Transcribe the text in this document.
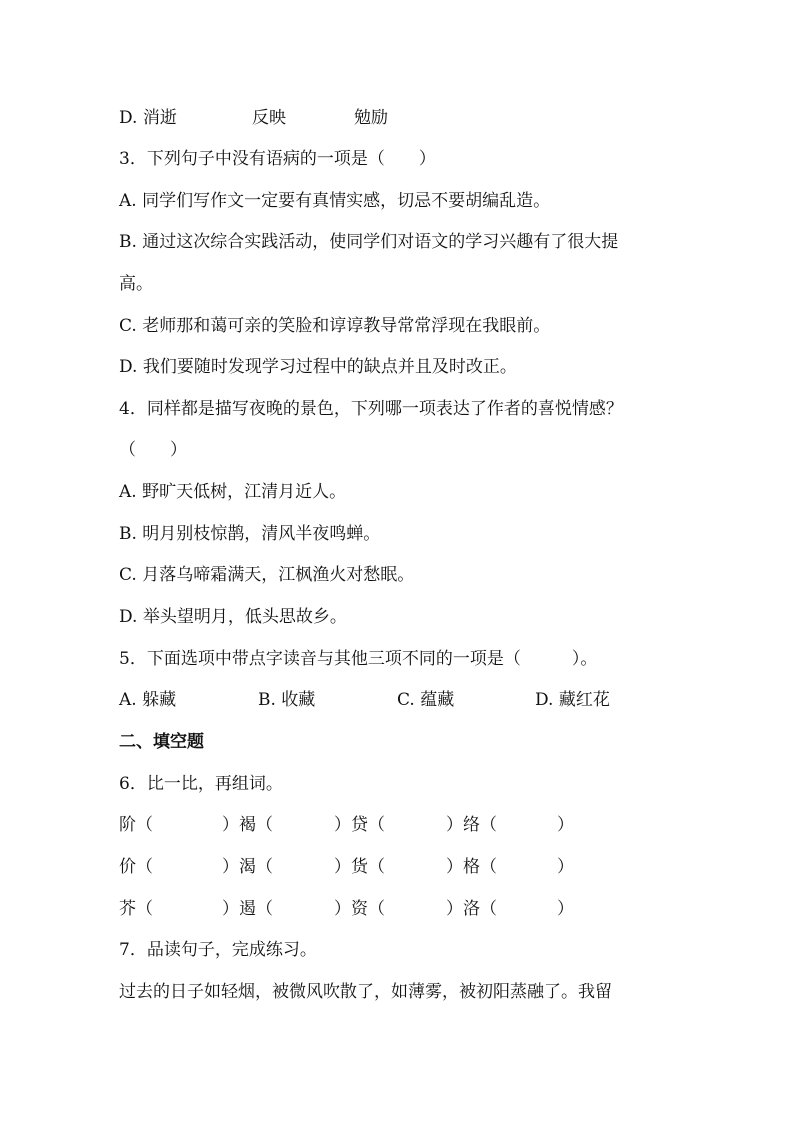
D. 消逝	反映	勉励
3．下列句子中没有语病的一项是（　　）
A. 同学们写作文一定要有真情实感，切忌不要胡编乱造。
B. 通过这次综合实践活动，使同学们对语文的学习兴趣有了很大提
高。
C. 老师那和蔼可亲的笑脸和谆谆教导常常浮现在我眼前。
D. 我们要随时发现学习过程中的缺点并且及时改正。
4．同样都是描写夜晚的景色，下列哪一项表达了作者的喜悦情感？
（　　）
A. 野旷天低树，江清月近人。
B. 明月别枝惊鹊，清风半夜鸣蝉。
C. 月落乌啼霜满天，江枫渔火对愁眠。
D. 举头望明月，低头思故乡。
5．下面选项中带点字读音与其他三项不同的一项是（　　　）。
A. 躲藏	B. 收藏	C. 蕴藏	D. 藏红花
二、填空题
6．比一比，再组词。
阶（	）褐（	）贷（	）络（	）
价（	）渴（	）货（	）格（	）
芥（	）遏（	）资（	）洛（	）
7．品读句子，完成练习。
过去的日子如轻烟，被微风吹散了，如薄雾，被初阳蒸融了。我留
